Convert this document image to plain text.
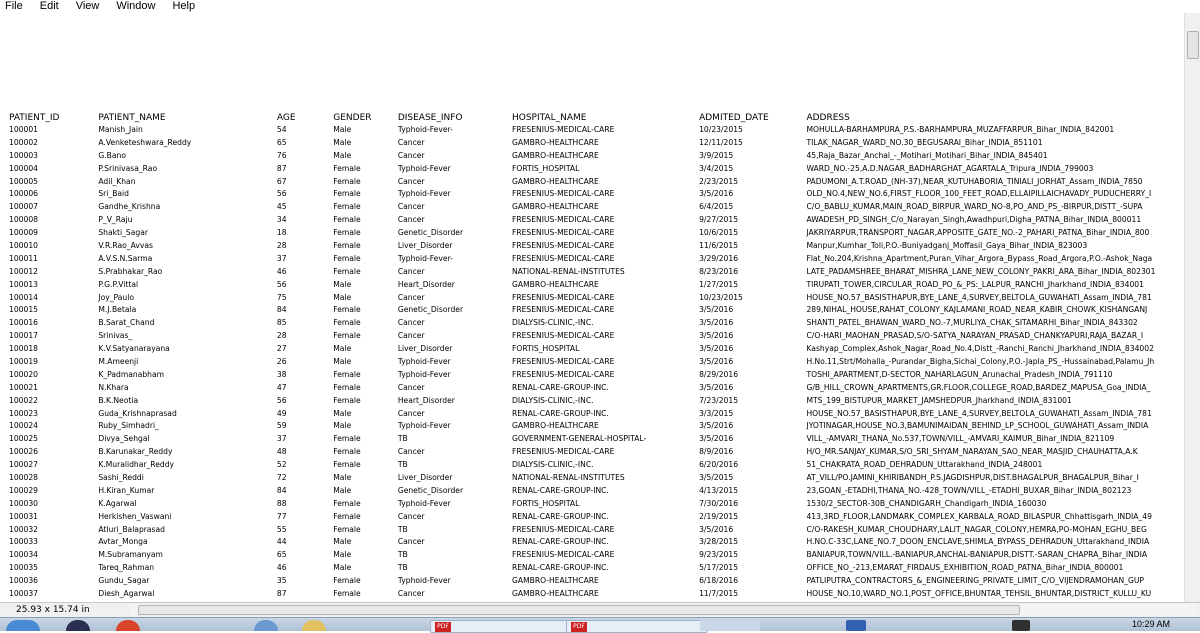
File Edit View Window Help
PATIENT_ID	PATIENT_NAME	AGE	GENDER	DISEASE_INFO	HOSPITAL_NAME	ADMITED_DATE	ADDRESS
100001	Manish_Jain	54	Male	Typhoid-Fever-	FRESENIUS-MEDICAL-CARE	10/23/2015	MOHULLA-BARHAMPURA_P.S.-BARHAMPURA_MUZAFFARPUR_Bihar_INDIA_842001
100002	A.Venketeshwara_Reddy	65	Male	Cancer	GAMBRO-HEALTHCARE	12/11/2015	TILAK_NAGAR_WARD_NO.30_BEGUSARAI_Bihar_INDIA_851101
100003	G.Bano	76	Male	Cancer	GAMBRO-HEALTHCARE	3/9/2015	45,Raja_Bazar_Anchal_-_Motihari_Motihari_Bihar_INDIA_845401
100004	P.Srinivasa_Rao	87	Female	Typhoid-Fever	FORTIS_HOSPITAL	3/4/2015	WARD_NO.-25,A.D.NAGAR_BADHARGHAT_AGARTALA_Tripura_INDIA_799003
100005	Adil_Khan	67	Female	Cancer	GAMBRO-HEALTHCARE	2/23/2015	PADUMONI_A.T.ROAD_(NH-37),NEAR_KUTUHABORIA_TINIALI_JORHAT_Assam_INDIA_7850
100006	Sri_Baid	56	Female	Typhoid-Fever	FRESENIUS-MEDICAL-CARE	3/5/2016	OLD_NO.4,NEW_NO.6,FIRST_FLOOR_100_FEET_ROAD,ELLAIPILLAICHAVADY_PUDUCHERRY_I
100007	Gandhe_Krishna	45	Female	Cancer	GAMBRO-HEALTHCARE	6/4/2015	C/O_BABLU_KUMAR,MAIN_ROAD_BIRPUR_WARD_NO-8,PO_AND_PS_-BIRPUR,DISTT_-SUPA
100008	P_V_Raju	34	Female	Cancer	FRESENIUS-MEDICAL-CARE	9/27/2015	AWADESH_PD_SINGH_C/o_Narayan_Singh,Awadhpuri,Digha_PATNA_Bihar_INDIA_800011
100009	Shakti_Sagar	18	Female	Genetic_Disorder	FRESENIUS-MEDICAL-CARE	10/6/2015	JAKRIYARPUR,TRANSPORT_NAGAR,APPOSITE_GATE_NO.-2_PAHARI_PATNA_Bihar_INDIA_800
100010	V.R.Rao_Avvas	28	Female	Liver_Disorder	FRESENIUS-MEDICAL-CARE	11/6/2015	Manpur,Kumhar_Toli,P.O.-Buniyadganj_Moffasil_Gaya_Bihar_INDIA_823003
100011	A.V.S.N.Sarma	37	Female	Typhoid-Fever-	FRESENIUS-MEDICAL-CARE	3/29/2016	Flat_No.204,Krishna_Apartment,Puran_Vihar_Argora_Bypass_Road_Argora,P.O.-Ashok_Naga
100012	S.Prabhakar_Rao	46	Female	Cancer	NATIONAL-RENAL-INSTITUTES	8/23/2016	LATE_PADAMSHREE_BHARAT_MISHRA_LANE_NEW_COLONY_PAKRI_ARA_Bihar_INDIA_802301
100013	P.G.P.Vittal	56	Male	Heart_Disorder	GAMBRO-HEALTHCARE	1/27/2015	TIRUPATI_TOWER,CIRCULAR_ROAD_PO_&_PS:_LALPUR_RANCHI_Jharkhand_INDIA_834001
100014	Joy_Paulo	75	Male	Cancer	FRESENIUS-MEDICAL-CARE	10/23/2015	HOUSE_NO.57_BASISTHAPUR,BYE_LANE_4,SURVEY,BELTOLA_GUWAHATI_Assam_INDIA_781
100015	M.J.Betala	84	Female	Genetic_Disorder	FRESENIUS-MEDICAL-CARE	3/5/2016	289,NIHAL_HOUSE,RAHAT_COLONY_KAJLAMANI_ROAD_NEAR_KABIR_CHOWK_KISHANGANJ
100016	B.Sarat_Chand	85	Female	Cancer	DIALYSIS-CLINIC,-INC.	3/5/2016	SHANTI_PATEL_BHAWAN_WARD_NO.-7,MURLIYA_CHAK_SITAMARHI_Bihar_INDIA_843302
100017	Srinivas_	28	Female	Cancer	FRESENIUS-MEDICAL-CARE	3/5/2016	C/O-HARI_MAOHAN_PRASAD,S/O-SATYA_NARAYAN_PRASAD_CHANKYAPURI,RAJA_BAZAR_I
100018	K.V.Satyanarayana	27	Male	Liver_Disorder	FORTIS_HOSPITAL	3/5/2016	Kashyap_Complex,Ashok_Nagar_Road_No.4,Distt_-Ranchi_Ranchi_Jharkhand_INDIA_834002
100019	M.Ameenji	26	Male	Typhoid-Fever	FRESENIUS-MEDICAL-CARE	3/5/2016	H.No.11,Strt/Mohalla_-Purandar_Bigha,Sichai_Colony,P.O.-Japla_PS_-Hussainabad,Palamu_Jh
100020	K_Padmanabham	38	Female	Typhoid-Fever	FRESENIUS-MEDICAL-CARE	8/29/2016	TOSHI_APARTMENT,D-SECTOR_NAHARLAGUN_Arunachal_Pradesh_INDIA_791110
100021	N.Khara	47	Female	Cancer	RENAL-CARE-GROUP-INC.	3/5/2016	G/B_HILL_CROWN_APARTMENTS,GR.FLOOR,COLLEGE_ROAD,BARDEZ_MAPUSA_Goa_INDIA_
100022	B.K.Neotia	56	Female	Heart_Disorder	DIALYSIS-CLINIC,-INC.	7/23/2015	MTS_199_BISTUPUR_MARKET_JAMSHEDPUR_Jharkhand_INDIA_831001
100023	Guda_Krishnaprasad	49	Male	Cancer	RENAL-CARE-GROUP-INC.	3/3/2015	HOUSE_NO.57_BASISTHAPUR,BYE_LANE_4,SURVEY,BELTOLA_GUWAHATI_Assam_INDIA_781
100024	Ruby_Simhadri_	59	Male	Typhoid-Fever	GAMBRO-HEALTHCARE	3/5/2016	JYOTINAGAR,HOUSE_NO.3,BAMUNIMAIDAN_BEHIND_LP_SCHOOL_GUWAHATI_Assam_INDIA
100025	Divya_Sehgal	37	Female	TB	GOVERNMENT-GENERAL-HOSPITAL-	3/5/2016	VILL_-AMVARI_THANA_No.537,TOWN/VILL_-AMVARI_KAIMUR_Bihar_INDIA_821109
100026	B.Karunakar_Reddy	48	Female	Cancer	FRESENIUS-MEDICAL-CARE	8/9/2016	H/O_MR.SANJAY_KUMAR,S/O_SRI_SHYAM_NARAYAN_SAO_NEAR_MASJID_CHAUHATTA,A.K
100027	K.Muralidhar_Reddy	52	Female	TB	DIALYSIS-CLINIC,-INC.	6/20/2016	51_CHAKRATA_ROAD_DEHRADUN_Uttarakhand_INDIA_248001
100028	Sashi_Reddi	72	Male	Liver_Disorder	NATIONAL-RENAL-INSTITUTES	3/5/2015	AT_VILL/PO.JAMINI_KHIRIBANDH_P.S.JAGDISHPUR,DIST.BHAGALPUR_BHAGALPUR_Bihar_I
100029	H.Kiran_Kumar	84	Male	Genetic_Disorder	RENAL-CARE-GROUP-INC.	4/13/2015	23,GOAN_-ETADHI,THANA_NO.-428_TOWN/VILL_-ETADHI_BUXAR_Bihar_INDIA_802123
100030	K.Agarwal	88	Female	Typhoid-Fever	FORTIS_HOSPITAL	7/30/2016	1530/2_SECTOR-30B_CHANDIGARH_Chandigarh_INDIA_160030
100031	Herkishen_Vaswani	77	Female	Cancer	RENAL-CARE-GROUP-INC.	2/19/2015	413,3RD_FLOOR,LANDMARK_COMPLEX_KARBALA_ROAD_BILASPUR_Chhattisgarh_INDIA_49
100032	Atluri_Balaprasad	55	Female	TB	FRESENIUS-MEDICAL-CARE	3/5/2016	C/O-RAKESH_KUMAR_CHOUDHARY,LALIT_NAGAR_COLONY,HEMRA,PO-MOHAN_EGHU_BEG
100033	Avtar_Monga	44	Male	Cancer	RENAL-CARE-GROUP-INC.	3/28/2015	H.NO.C-33C,LANE_NO.7_DOON_ENCLAVE,SHIMLA_BYPASS_DEHRADUN_Uttarakhand_INDIA
100034	M.Subramanyam	65	Male	TB	FRESENIUS-MEDICAL-CARE	9/23/2015	BANIAPUR,TOWN/VILL.-BANIAPUR,ANCHAL-BANIAPUR,DISTT.-SARAN_CHAPRA_Bihar_INDIA
100035	Tareq_Rahman	46	Male	TB	RENAL-CARE-GROUP-INC.	5/17/2015	OFFICE_NO_-213,EMARAT_FIRDAUS_EXHIBITION_ROAD_PATNA_Bihar_INDIA_800001
100036	Gundu_Sagar	35	Female	Typhoid-Fever	GAMBRO-HEALTHCARE	6/18/2016	PATLIPUTRA_CONTRACTORS_&_ENGINEERING_PRIVATE_LIMIT_C/O_VIJENDRAMOHAN_GUP
100037	Diesh_Agarwal	87	Female	Cancer	GAMBRO-HEALTHCARE	11/7/2015	HOUSE_NO.10,WARD_NO.1,POST_OFFICE,BHUNTAR_TEHSIL_BHUNTAR,DISTRICT_KULLU_KU
25.93 x 15.74 in
PDF	PDF	10:29 AM
